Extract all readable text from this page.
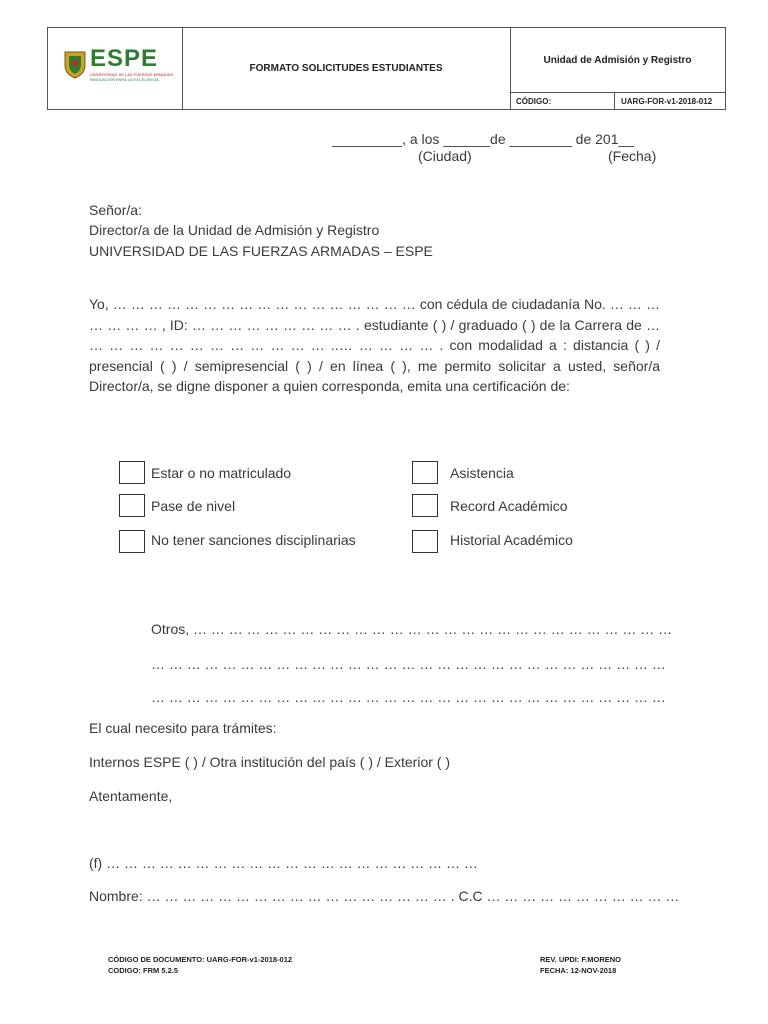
ESPE
UNIVERSIDAD DE LAS FUERZAS ARMADAS
INNOVACIÓN PARA LA EXCELENCIA
FORMATO SOLICITUDES ESTUDIANTES
Unidad de Admisión y Registro
CÓDIGO:	UARG-FOR-v1-2018-012
_________, a los ______de ________ de 201__
(Ciudad)	(Fecha)
Señor/a:
Director/a de la Unidad de Admisión y Registro
UNIVERSIDAD DE LAS FUERZAS ARMADAS – ESPE
Yo, … … … … … … … … … … … … … … … … … con cédula de ciudadanía No. … … … … … … … , ID: … … … … … … … … … . estudiante ( ) / graduado ( ) de la Carrera de … … … … … … … … … … … … … ..… … … … … . con modalidad a : distancia ( ) / presencial ( ) / semipresencial ( ) / en línea ( ), me permito solicitar a usted, señor/a Director/a, se digne disponer a quien corresponda, emita una certificación de:
Estar o no matriculado
Pase de nivel
No tener sanciones disciplinarias
Asistencia
Record Académico
Historial Académico
Otros, … … … … … … … … … … … … … … … … … … … … … … … … … … …
… … … … … … … … … … … … … … … … … … … … … … … … … … … … …
… … … … … … … … … … … … … … … … … … … … … … … … … … … … …
El cual necesito para trámites:
Internos ESPE ( ) / Otra institución del país ( ) / Exterior ( )
Atentamente,
(f) … … … … … … … … … … … … … … … … … … … … …
Nombre: … … … … … … … … … … … … … … … … … . C.C … … … … … … … … … … …
CÓDIGO DE DOCUMENTO: UARG-FOR-v1-2018-012
CODIGO: FRM 5.2.5
REV. UPDI: F.MORENO
FECHA: 12-NOV-2018
